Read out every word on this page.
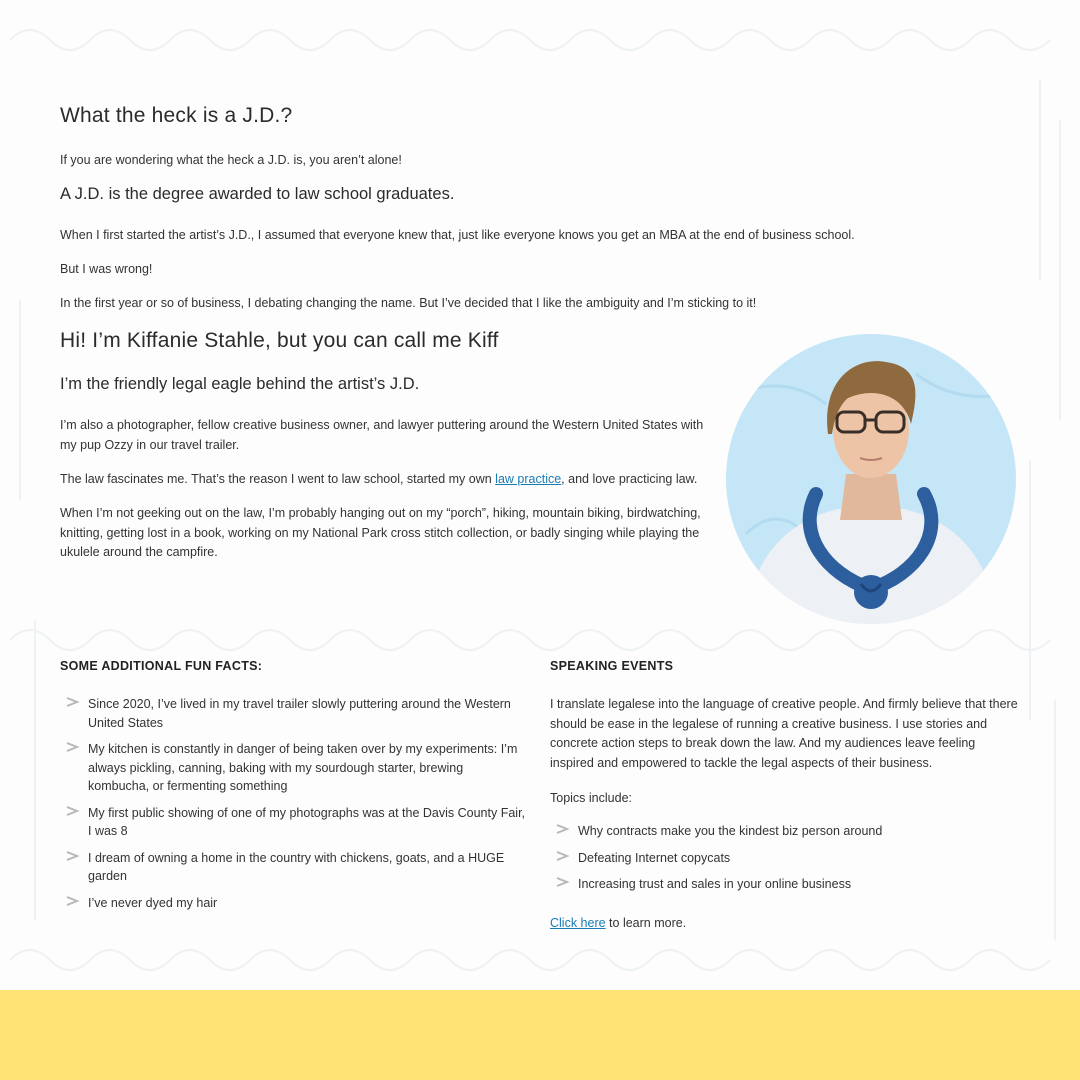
What the heck is a J.D.?

If you are wondering what the heck a J.D. is, you aren’t alone!

A J.D. is the degree awarded to law school graduates.

When I first started the artist’s J.D., I assumed that everyone knew that, just like everyone knows you get an MBA at the end of business school.

But I was wrong!

In the first year or so of business, I debating changing the name. But I’ve decided that I like the ambiguity and I’m sticking to it!

Hi! I’m Kiffanie Stahle, but you can call me Kiff
I’m the friendly legal eagle behind the artist’s J.D.

I’m also a photographer, fellow creative business owner, and lawyer puttering around the Western United States with my pup Ozzy in our travel trailer.

The law fascinates me. That’s the reason I went to law school, started my own law practice, and love practicing law.

When I’m not geeking out on the law, I’m probably hanging out on my “porch”, hiking, mountain biking, birdwatching, knitting, getting lost in a book, working on my National Park cross stitch collection, or badly singing while playing the ukulele around the campfire.

SOME ADDITIONAL FUN FACTS:
Since 2020, I’ve lived in my travel trailer slowly puttering around the Western United States
My kitchen is constantly in danger of being taken over by my experiments: I’m always pickling, canning, baking with my sourdough starter, brewing kombucha, or fermenting something
My first public showing of one of my photographs was at the Davis County Fair, I was 8
I dream of owning a home in the country with chickens, goats, and a HUGE garden
I’ve never dyed my hair
SPEAKING EVENTS

I translate legalese into the language of creative people. And firmly believe that there should be ease in the legalese of running a creative business. I use stories and concrete action steps to break down the law. And my audiences leave feeling inspired and empowered to tackle the legal aspects of their business.

Topics include:

Why contracts make you the kindest biz person around
Defeating Internet copycats
Increasing trust and sales in your online business

Click here to learn more.
